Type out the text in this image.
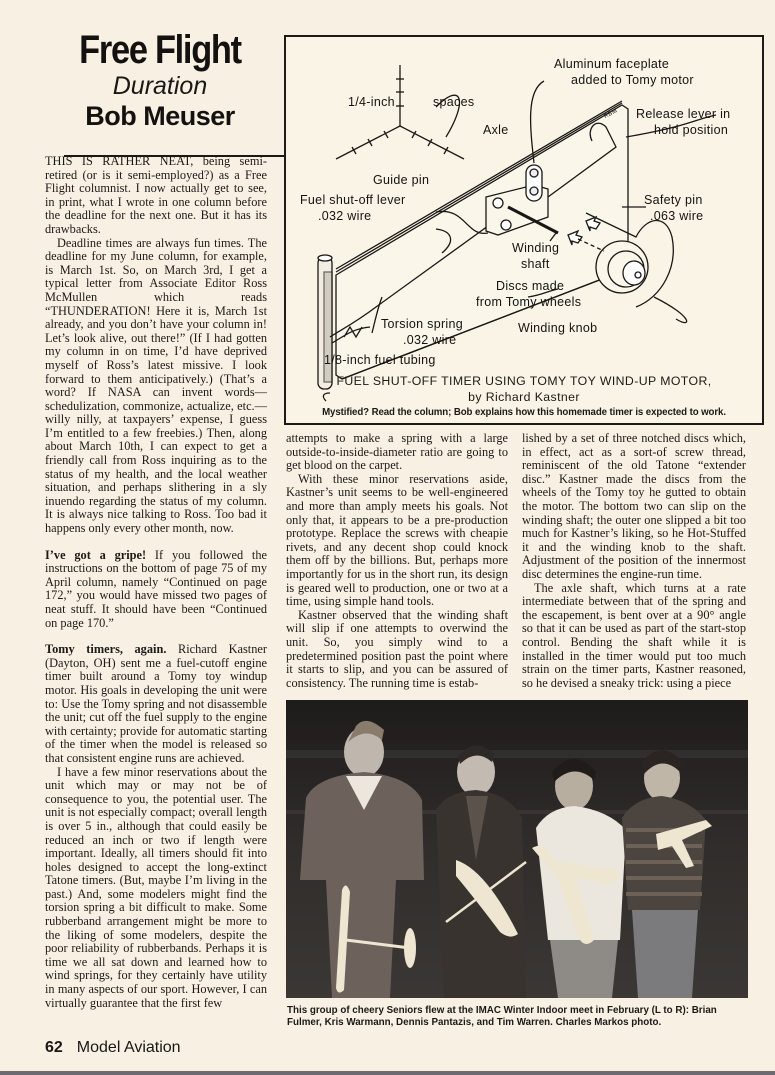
Free Flight
Duration
Bob Meuser

THIS IS RATHER NEAT, being semi-retired (or is it semi-employed?) as a Free Flight columnist. I now actually get to see, in print, what I wrote in one column before the deadline for the next one. But it has its drawbacks.

Deadline times are always fun times. The deadline for my June column, for example, is March 1st. So, on March 3rd, I get a typical letter from Associate Editor Ross McMullen which reads “THUNDERATION! Here it is, March 1st already, and you don’t have your column in! Let’s look alive, out there!” (If I had gotten my column in on time, I’d have deprived myself of Ross’s latest missive. I look forward to them anticipatively.) (That’s a word? If NASA can invent words—schedulization, commonize, actualize, etc.—willy nilly, at taxpayers’ expense, I guess I’m entitled to a few freebies.) Then, along about March 10th, I can expect to get a friendly call from Ross inquiring as to the status of my health, and the local weather situation, and perhaps slithering in a sly inuendo regarding the status of my column. It is always nice talking to Ross. Too bad it happens only every other month, now.

I’ve got a gripe! If you followed the instructions on the bottom of page 75 of my April column, namely “Continued on page 172,” you would have missed two pages of neat stuff. It should have been “Continued on page 170.”

Tomy timers, again. Richard Kastner (Dayton, OH) sent me a fuel-cutoff engine timer built around a Tomy toy windup motor. His goals in developing the unit were to: Use the Tomy spring and not disassemble the unit; cut off the fuel supply to the engine with certainty; provide for automatic starting of the timer when the model is released so that consistent engine runs are achieved.

I have a few minor reservations about the unit which may or may not be of consequence to you, the potential user. The unit is not especially compact; overall length is over 5 in., although that could easily be reduced an inch or two if length were important. Ideally, all timers should fit into holes designed to accept the long-extinct Tatone timers. (But, maybe I’m living in the past.) And, some modelers might find the torsion spring a bit difficult to make. Some rubberband arrangement might be more to the liking of some modelers, despite the poor reliability of rubberbands. Perhaps it is time we all sat down and learned how to wind springs, for they certainly have utility in many aspects of our sport. However, I can virtually guarantee that the first few

1/4-inch	spaces
Aluminum faceplate
added to Tomy motor
Axle
Release lever in
hold position
Guide pin
Fuel shut-off lever
.032 wire
Safety pin
.063 wire
Winding
shaft
Discs made
from Tomy wheels
Torsion spring
.032 wire
Winding knob
1/8-inch fuel tubing
RBM
FUEL SHUT-OFF TIMER USING TOMY TOY WIND-UP MOTOR,
by Richard Kastner
Mystified? Read the column; Bob explains how this homemade timer is expected to work.

attempts to make a spring with a large outside-to-inside-diameter ratio are going to get blood on the carpet.

With these minor reservations aside, Kastner’s unit seems to be well-engineered and more than amply meets his goals. Not only that, it appears to be a pre-production prototype. Replace the screws with cheapie rivets, and any decent shop could knock them off by the billions. But, perhaps more importantly for us in the short run, its design is geared well to production, one or two at a time, using simple hand tools.

Kastner observed that the winding shaft will slip if one attempts to overwind the unit. So, you simply wind to a predetermined position past the point where it starts to slip, and you can be assured of consistency. The running time is estab-

lished by a set of three notched discs which, in effect, act as a sort-of screw thread, reminiscent of the old Tatone “extender disc.” Kastner made the discs from the wheels of the Tomy toy he gutted to obtain the motor. The bottom two can slip on the winding shaft; the outer one slipped a bit too much for Kastner’s liking, so he Hot-Stuffed it and the winding knob to the shaft. Adjustment of the position of the innermost disc determines the engine-run time.

The axle shaft, which turns at a rate intermediate between that of the spring and the escapement, is bent over at a 90° angle so that it can be used as part of the start-stop control. Bending the shaft while it is installed in the timer would put too much strain on the timer parts, Kastner reasoned, so he devised a sneaky trick: using a piece

This group of cheery Seniors flew at the IMAC Winter Indoor meet in February (L to R): Brian Fulmer, Kris Warmann, Dennis Pantazis, and Tim Warren. Charles Markos photo.
62 Model Aviation
